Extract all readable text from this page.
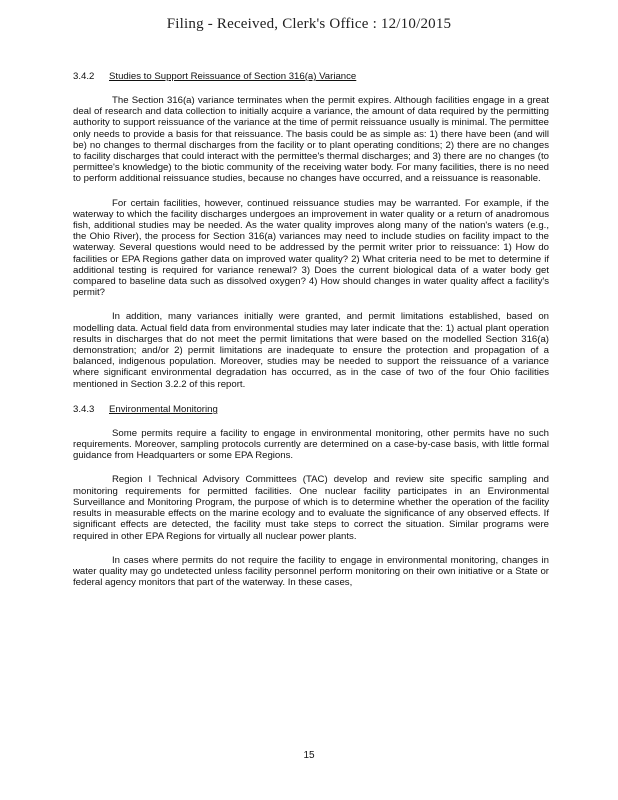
Filing - Received, Clerk's Office : 12/10/2015
3.4.2 Studies to Support Reissuance of Section 316(a) Variance

The Section 316(a) variance terminates when the permit expires. Although facilities engage in a great deal of research and data collection to initially acquire a variance, the amount of data required by the permitting authority to support reissuance of the variance at the time of permit reissuance usually is minimal. The permittee only needs to provide a basis for that reissuance. The basis could be as simple as: 1) there have been (and will be) no changes to thermal discharges from the facility or to plant operating conditions; 2) there are no changes to facility discharges that could interact with the permittee's thermal discharges; and 3) there are no changes (to permittee's knowledge) to the biotic community of the receiving water body. For many facilities, there is no need to perform additional reissuance studies, because no changes have occurred, and a reissuance is reasonable.

For certain facilities, however, continued reissuance studies may be warranted. For example, if the waterway to which the facility discharges undergoes an improvement in water quality or a return of anadromous fish, additional studies may be needed. As the water quality improves along many of the nation's waters (e.g., the Ohio River), the process for Section 316(a) variances may need to include studies on facility impact to the waterway. Several questions would need to be addressed by the permit writer prior to reissuance: 1) How do facilities or EPA Regions gather data on improved water quality? 2) What criteria need to be met to determine if additional testing is required for variance renewal? 3) Does the current biological data of a water body get compared to baseline data such as dissolved oxygen? 4) How should changes in water quality affect a facility's permit?

In addition, many variances initially were granted, and permit limitations established, based on modelling data. Actual field data from environmental studies may later indicate that the: 1) actual plant operation results in discharges that do not meet the permit limitations that were based on the modelled Section 316(a) demonstration; and/or 2) permit limitations are inadequate to ensure the protection and propagation of a balanced, indigenous population. Moreover, studies may be needed to support the reissuance of a variance where significant environmental degradation has occurred, as in the case of two of the four Ohio facilities mentioned in Section 3.2.2 of this report.

3.4.3 Environmental Monitoring

Some permits require a facility to engage in environmental monitoring, other permits have no such requirements. Moreover, sampling protocols currently are determined on a case-by-case basis, with little formal guidance from Headquarters or some EPA Regions.

Region I Technical Advisory Committees (TAC) develop and review site specific sampling and monitoring requirements for permitted facilities. One nuclear facility participates in an Environmental Surveillance and Monitoring Program, the purpose of which is to determine whether the operation of the facility results in measurable effects on the marine ecology and to evaluate the significance of any observed effects. If significant effects are detected, the facility must take steps to correct the situation. Similar programs were required in other EPA Regions for virtually all nuclear power plants.

In cases where permits do not require the facility to engage in environmental monitoring, changes in water quality may go undetected unless facility personnel perform monitoring on their own initiative or a State or federal agency monitors that part of the waterway. In these cases,

15
